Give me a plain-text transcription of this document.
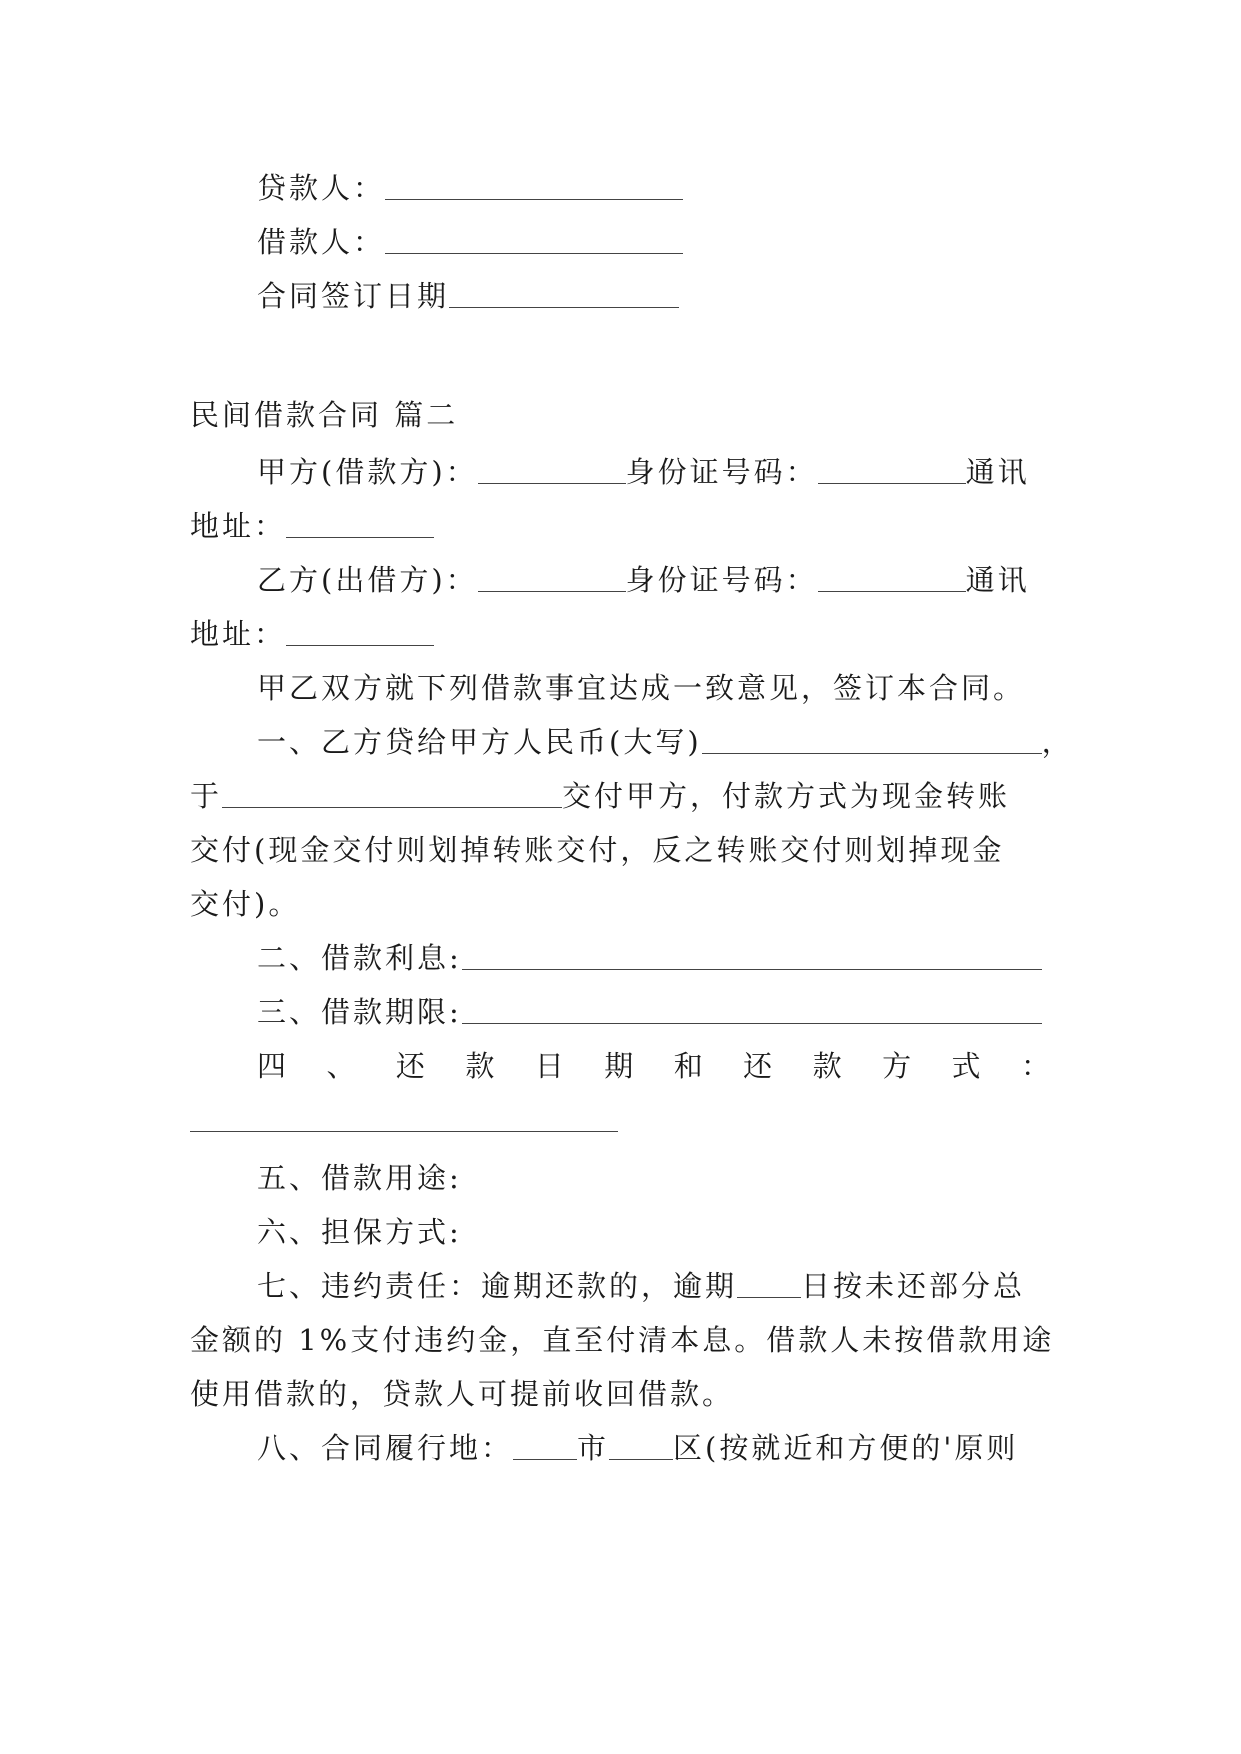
贷款人：
借款人：
合同签订日期
民间借款合同 篇二
甲方(借款方)：	身份证号码：	通讯
地址：
乙方(出借方)：	身份证号码：	通讯
地址：
甲乙双方就下列借款事宜达成一致意见，签订本合同。
一、乙方贷给甲方人民币(大写)	，
于	交付甲方，付款方式为现金转账
交付(现金交付则划掉转账交付，反之转账交付则划掉现金
交付)。
二、借款利息:
三、借款期限:
四 、 还 款 日 期 和 还 款 方 式 ：
五、借款用途:
六、担保方式:
七、违约责任：逾期还款的，逾期 日按未还部分总
金额的 1%支付违约金，直至付清本息。借款人未按借款用途
使用借款的，贷款人可提前收回借款。
八、合同履行地： 市 区(按就近和方便的'原则
